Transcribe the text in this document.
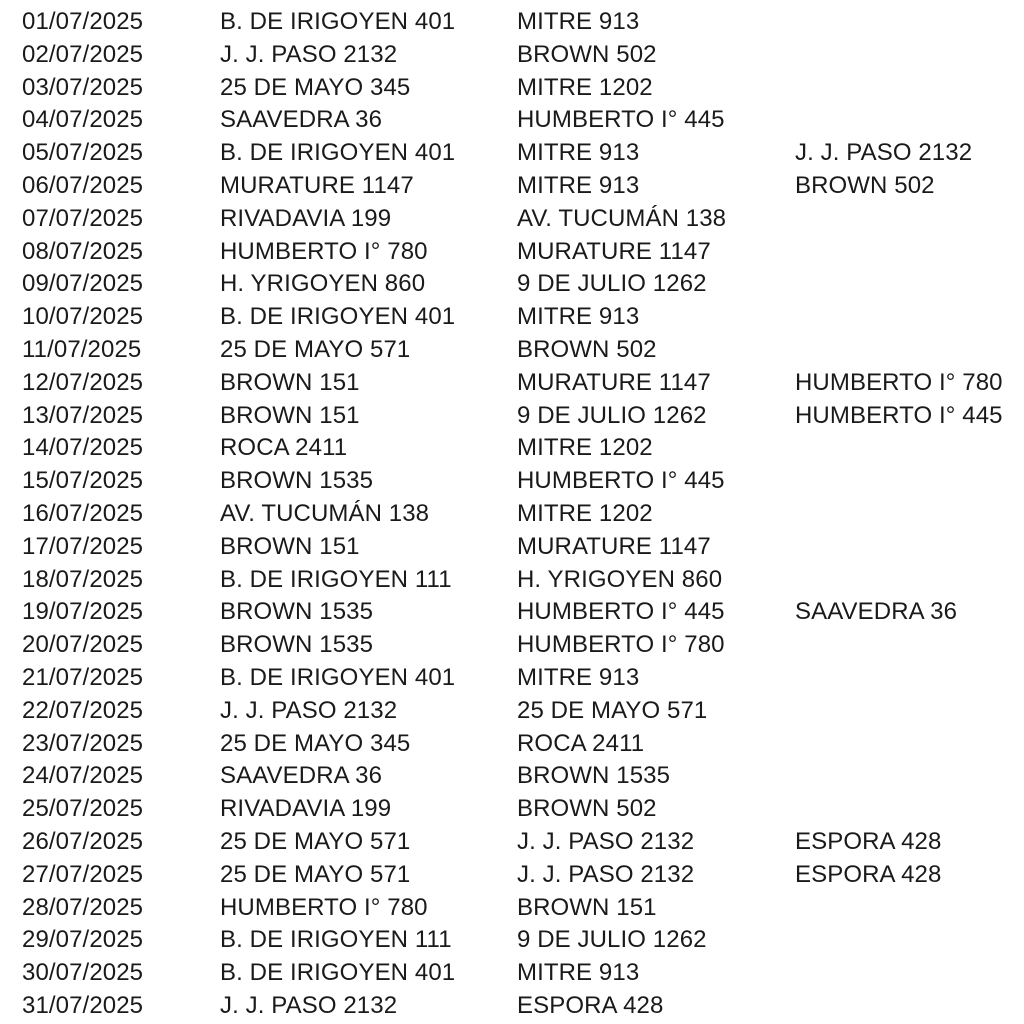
01/07/2025	B. DE IRIGOYEN 401	MITRE 913
02/07/2025	J. J. PASO 2132	BROWN 502
03/07/2025	25 DE MAYO 345	MITRE 1202
04/07/2025	SAAVEDRA 36	HUMBERTO I° 445
05/07/2025	B. DE IRIGOYEN 401	MITRE 913	J. J. PASO 2132
06/07/2025	MURATURE 1147	MITRE 913	BROWN 502
07/07/2025	RIVADAVIA 199	AV. TUCUMÁN 138
08/07/2025	HUMBERTO I° 780	MURATURE 1147
09/07/2025	H. YRIGOYEN 860	9 DE JULIO 1262
10/07/2025	B. DE IRIGOYEN 401	MITRE 913
11/07/2025	25 DE MAYO 571	BROWN 502
12/07/2025	BROWN 151	MURATURE 1147	HUMBERTO I° 780
13/07/2025	BROWN 151	9 DE JULIO 1262	HUMBERTO I° 445
14/07/2025	ROCA 2411	MITRE 1202
15/07/2025	BROWN 1535	HUMBERTO I° 445
16/07/2025	AV. TUCUMÁN 138	MITRE 1202
17/07/2025	BROWN 151	MURATURE 1147
18/07/2025	B. DE IRIGOYEN 111	H. YRIGOYEN 860
19/07/2025	BROWN 1535	HUMBERTO I° 445	SAAVEDRA 36
20/07/2025	BROWN 1535	HUMBERTO I° 780
21/07/2025	B. DE IRIGOYEN 401	MITRE 913
22/07/2025	J. J. PASO 2132	25 DE MAYO 571
23/07/2025	25 DE MAYO 345	ROCA 2411
24/07/2025	SAAVEDRA 36	BROWN 1535
25/07/2025	RIVADAVIA 199	BROWN 502
26/07/2025	25 DE MAYO 571	J. J. PASO 2132	ESPORA 428
27/07/2025	25 DE MAYO 571	J. J. PASO 2132	ESPORA 428
28/07/2025	HUMBERTO I° 780	BROWN 151
29/07/2025	B. DE IRIGOYEN 111	9 DE JULIO 1262
30/07/2025	B. DE IRIGOYEN 401	MITRE 913
31/07/2025	J. J. PASO 2132	ESPORA 428
